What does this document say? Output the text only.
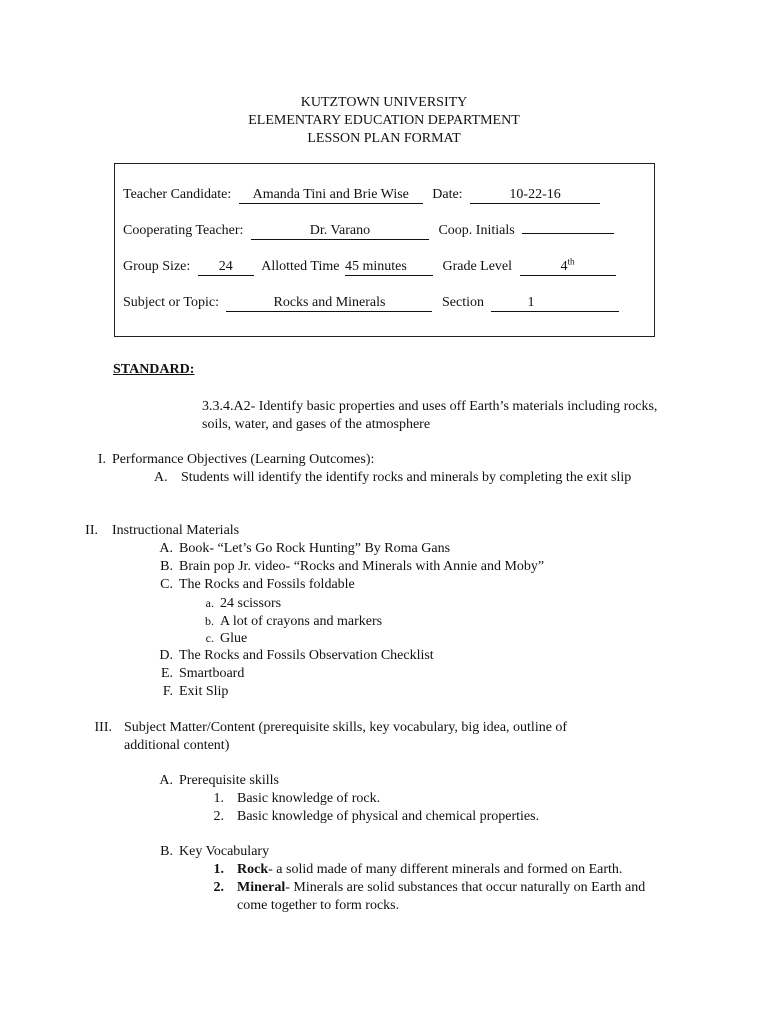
KUTZTOWN UNIVERSITY
ELEMENTARY EDUCATION DEPARTMENT
LESSON PLAN FORMAT
Teacher Candidate: Amanda Tini and Brie Wise Date:	10-22-16
Cooperating Teacher:	Dr. Varano	Coop. Initials
Group Size: 24 Allotted Time 45 minutes	Grade Level	4th
Subject or Topic:	Rocks and Minerals	Section	1
STANDARD:
3.3.4.A2- Identify basic properties and uses off Earth’s materials including rocks, soils, water, and gases of the atmosphere
I. Performance Objectives (Learning Outcomes):
A. Students will identify the identify rocks and minerals by completing the exit slip
II. Instructional Materials
A. Book- “Let’s Go Rock Hunting” By Roma Gans
B. Brain pop Jr. video- “Rocks and Minerals with Annie and Moby”
C. The Rocks and Fossils foldable
a. 24 scissors
b. A lot of crayons and markers
c. Glue
D. The Rocks and Fossils Observation Checklist
E. Smartboard
F. Exit Slip
III. Subject Matter/Content (prerequisite skills, key vocabulary, big idea, outline of additional content)
A. Prerequisite skills
1. Basic knowledge of rock.
2. Basic knowledge of physical and chemical properties.
B. Key Vocabulary
1. Rock- a solid made of many different minerals and formed on Earth.
2. Mineral- Minerals are solid substances that occur naturally on Earth and come together to form rocks.
